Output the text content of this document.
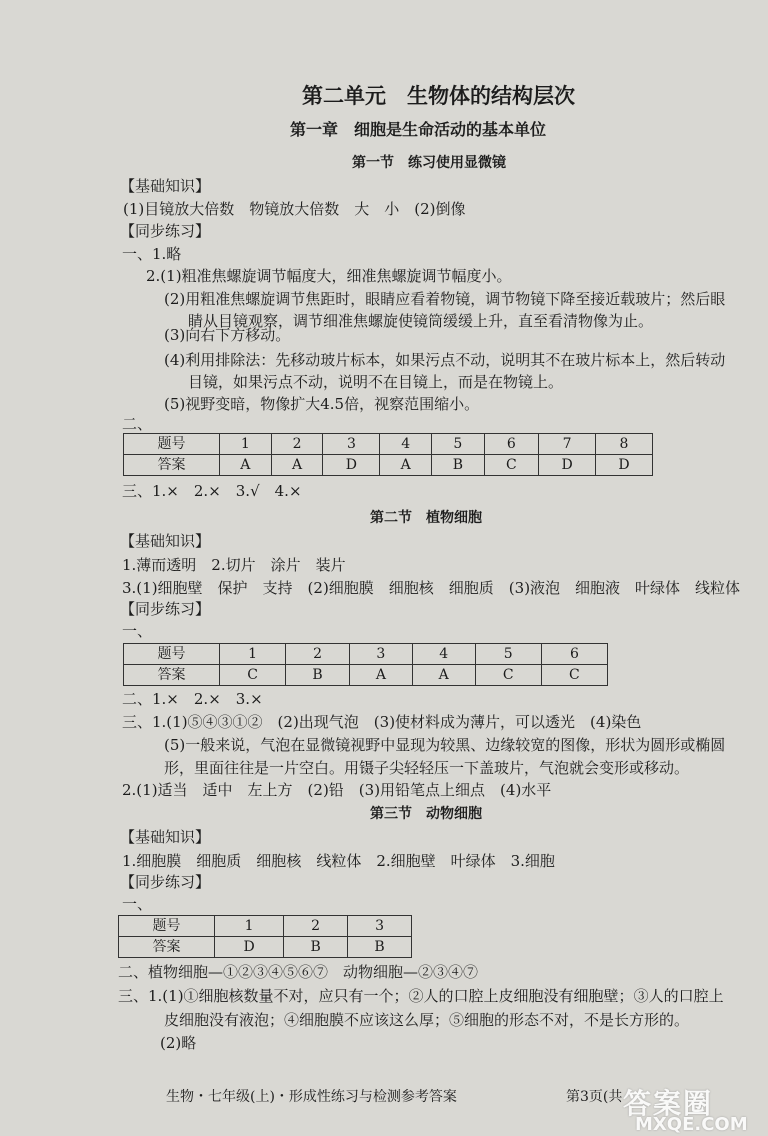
第二单元　生物体的结构层次
第一章　细胞是生命活动的基本单位
第一节　练习使用显微镜
【基础知识】
(1)目镜放大倍数　物镜放大倍数　大　小　(2)倒像
【同步练习】
一、1.略
2.(1)粗准焦螺旋调节幅度大，细准焦螺旋调节幅度小。
(2)用粗准焦螺旋调节焦距时，眼睛应看着物镜，调节物镜下降至接近载玻片；然后眼
睛从目镜观察，调节细准焦螺旋使镜筒缓缓上升，直至看清物像为止。
(3)向右下方移动。
(4)利用排除法：先移动玻片标本，如果污点不动，说明其不在玻片标本上，然后转动
目镜，如果污点不动，说明不在目镜上，而是在物镜上。
(5)视野变暗，物像扩大4.5倍，视察范围缩小。
二、
题号	1	2	3	4	5	6	7	8
答案	A	A	D	A	B	C	D	D
三、1.×　2.×　3.√　4.×
第二节　植物细胞
【基础知识】
1.薄而透明　2.切片　涂片　装片
3.(1)细胞壁　保护　支持　(2)细胞膜　细胞核　细胞质　(3)液泡　细胞液　叶绿体　线粒体
【同步练习】
一、
题号	1	2	3	4	5	6
答案	C	B	A	A	C	C
二、1.×　2.×　3.×
三、1.(1)⑤④③①②　(2)出现气泡　(3)使材料成为薄片，可以透光　(4)染色
(5)一般来说，气泡在显微镜视野中显现为较黑、边缘较宽的图像，形状为圆形或椭圆
形，里面往往是一片空白。用镊子尖轻轻压一下盖玻片，气泡就会变形或移动。
2.(1)适当　适中　左上方　(2)铅　(3)用铅笔点上细点　(4)水平
第三节　动物细胞
【基础知识】
1.细胞膜　细胞质　细胞核　线粒体　2.细胞壁　叶绿体　3.细胞
【同步练习】
一、
题号	1	2	3
答案	D	B	B
二、植物细胞—①②③④⑤⑥⑦　动物细胞—②③④⑦
三、1.(1)①细胞核数量不对，应只有一个；②人的口腔上皮细胞没有细胞壁；③人的口腔上
皮细胞没有液泡；④细胞膜不应该这么厚；⑤细胞的形态不对，不是长方形的。
(2)略
生物・七年级(上)・形成性练习与检测参考答案	第3页(共 答案圈
MXQE.COM
